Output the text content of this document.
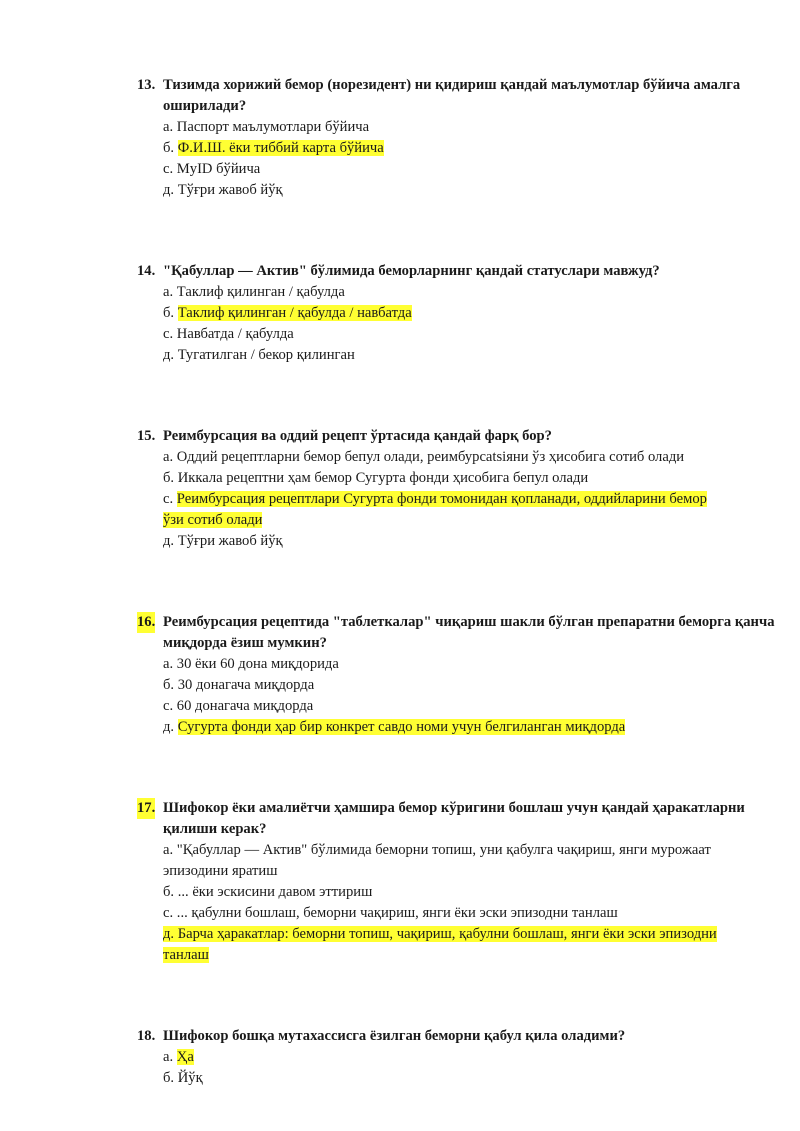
13. Тизимда хорижий бемор (норезидент) ни қидириш қандай маълумотлар бўйича амалга оширилади?
а. Паспорт маълумотлари бўйича
б. Ф.И.Ш. ёки тиббий карта бўйича
с. MyID бўйича
д. Тўғри жавоб йўқ
14. "Қабуллар — Актив" бўлимида беморларнинг қандай статуслари мавжуд?
а. Таклиф қилинган / қабулда
б. Таклиф қилинган / қабулда / навбатда
с. Навбатда / қабулда
д. Тугатилган / бекор қилинган
15. Реимбурсация ва оддий рецепт ўртасида қандай фарқ бор?
а. Оддий рецептларни бемор бепул олади, реимбурсatsiяни ўз ҳисобига сотиб олади
б. Иккала рецептни ҳам бемор Сугурта фонди ҳисобига бепул олади
с. Реимбурсация рецептлари Сугурта фонди томонидан қопланади, оддийларини бемор ўзи сотиб олади
д. Тўғри жавоб йўқ
16. Реимбурсация рецептида "таблеткалар" чиқариш шакли бўлган препаратни беморга қанча миқдорда ёзиш мумкин?
а. 30 ёки 60 дона миқдорида
б. 30 донагача миқдорда
с. 60 донагача миқдорда
д. Сугурта фонди ҳар бир конкрет савдо номи учун белгиланган миқдорда
17. Шифокор ёки амалиётчи ҳамшира бемор кўригини бошлаш учун қандай ҳаракатларни қилиши керак?
а. "Қабуллар — Актив" бўлимида беморни топиш, уни қабулга чақириш, янги мурожаат эпизодини яратиш
б. ... ёки эскисини давом эттириш
с. ... қабулни бошлаш, беморни чақириш, янги ёки эски эпизодни танлаш
д. Барча ҳаракатлар: беморни топиш, чақириш, қабулни бошлаш, янги ёки эски эпизодни танлаш
18. Шифокор бошқа мутахассисга ёзилган беморни қабул қила оладими?
а. Ҳа
б. Йўқ
